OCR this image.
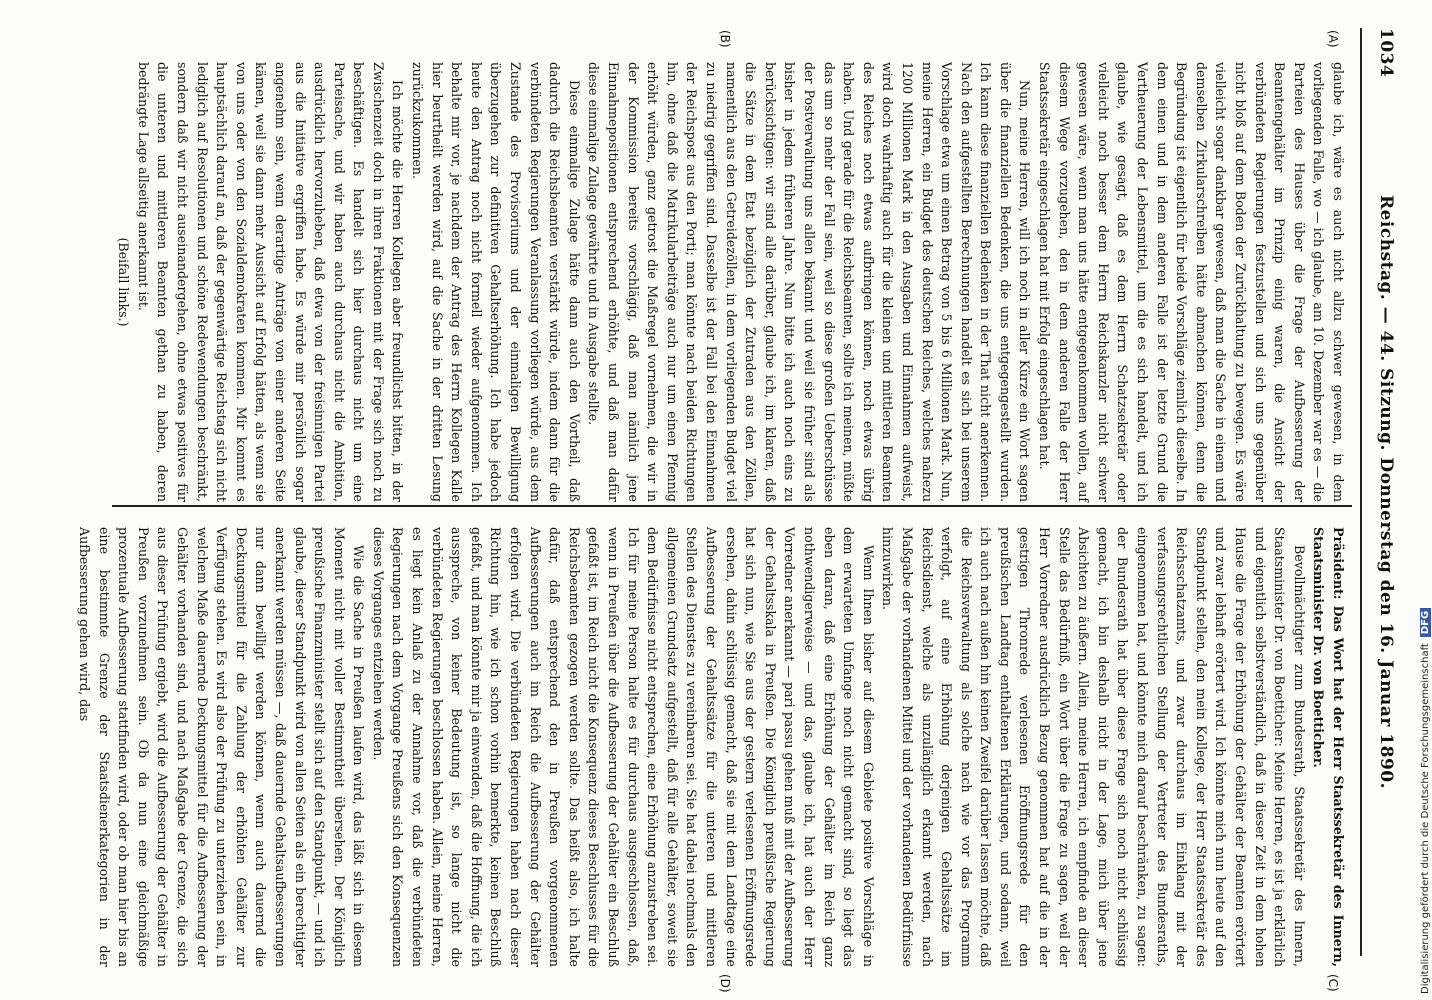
1034
Reichstag. — 44. Sitzung. Donnerstag den 16. Januar 1890.
(A)
(B)
(C)
(D)

glaube ich, wäre es auch nicht allzu schwer gewesen, in dem vorliegenden Falle, wo — ich glaube, am 10. Dezember war es — die Parteien des Hauses über die Frage der Aufbesserung der Beamtengehälter im Prinzip einig waren, die Ansicht der verbündeten Regierungen festzustellen und sich uns gegenüber nicht bloß auf dem Boden der Zurückhaltung zu bewegen. Es wäre vielleicht sogar dankbar gewesen, daß man die Sache in einem und demselben Zirkularschreiben hätte abmachen können, denn die Begründung ist eigentlich für beide Vorschläge ziemlich dieselbe. In dem einen und in dem anderen Falle ist der letzte Grund die Vertheuerung der Lebensmittel, um die es sich handelt, und ich glaube, wie gesagt, daß es dem Herrn Schatzsekretär oder vielleicht noch besser dem Herrn Reichskanzler nicht schwer gewesen wäre, wenn man uns hätte entgegenkommen wollen, auf diesem Wege vorzugehen, den in dem anderen Falle der Herr Staatssekretär eingeschlagen hat mit Erfolg eingeschlagen hat.

Nun, meine Herren, will ich noch in aller Kürze ein Wort sagen über die finanziellen Bedenken, die uns entgegengestellt wurden. Ich kann diese finanziellen Bedenken in der That nicht anerkennen. Nach den aufgestellten Berechnungen handelt es sich bei unserem Vorschlage etwa um einen Betrag von 5 bis 6 Millionen Mark. Nun, meine Herren, ein Budget des deutschen Reiches, welches nahezu 1200 Millionen Mark in den Ausgaben und Einnahmen aufweist, wird doch wahrhaftig auch für die kleinen und mittleren Beamten des Reiches noch etwas aufbringen können, noch etwas übrig haben. Und gerade für die Reichsbeamten, sollte ich meinen, müßte das um so mehr der Fall sein, weil so diese großen Ueberschüsse der Postverwaltung uns allen bekannt und weil sie früher sind als bisher in jedem früheren Jahre. Nun bitte ich auch noch eins zu berücksichtigen: wir sind alle darüber, glaube ich, im klaren, daß die Sätze in dem Etat bezüglich der Zutraden aus den Zöllen, namentlich aus den Getreidezöllen, in dem vorliegenden Budget viel zu niedrig gegriffen sind. Dasselbe ist der Fall bei den Einnahmen der Reichspost aus den Porti; man könnte nach beiden Richtungen hin, ohne daß die Matrikularbeiträge auch nur um einen Pfennig erhöht würden, ganz getrost die Maßregel vornehmen, die wir in der Kommission bereits vorschlägig, daß man nämlich jene Einnahmepositionen entsprechend erhöhte, und daß man dafür diese einmalige Zulage gewährte und in Ausgabe stellte.

Diese einmalige Zulage hätte dann auch den Vortheil, daß dadurch die Reichsbeamten verstärkt würde, indem dann für die verbündeten Regierungen Veranlassung vorliegen würde, aus dem Zustande des Provisoriums und der einmaligen Bewilligung überzugehen zur definitiven Gehaltserhöhung. Ich habe jedoch heute den Antrag noch nicht formell wieder aufgenommen. Ich behalte mir vor, je nachdem der Antrag des Herrn Kollegen Kalle hier beurtheilt werden wird, auf die Sache in der dritten Lesung zurückzukommen.

Ich möchte die Herren Kollegen aber freundlichst bitten, in der Zwischenzeit doch in ihren Fraktionen mit der Frage sich noch zu beschäftigen. Es handelt sich hier durchaus nicht um eine Parteisache, und wir haben auch durchaus nicht die Ambition, ausdrücklich hervorzuheben, daß etwa von der freisinnigen Partei aus die Initiative ergriffen habe. Es würde mir persönlich sogar angenehm sein, wenn derartige Anträge von einer anderen Seite kämen, weil sie dann mehr Aussicht auf Erfolg hätten, als wenn sie von uns oder von den Sozialdemokraten kommen. Mir kommt es hauptsächlich darauf an, daß der gegenwärtige Reichstag sich nicht lediglich auf Resolutionen und schöne Redewendungen beschränkt, sondern daß wir nicht auseinandergehen, ohne etwas positives für die unteren und mittleren Beamten gethan zu haben, deren bedrängte Lage allseitig anerkannt ist.

(Beifall links.)

Präsident: Das Wort hat der Herr Staatssekretär des Innern, Staatsminister Dr. von Boetticher.

Bevollmächtigter zum Bundesrath, Staatssekretär des Innern, Staatsminister Dr. von Boetticher: Meine Herren, es ist ja erklärlich und eigentlich selbstverständlich, daß in dieser Zeit in dem hohen Hause die Frage der Erhöhung der Gehälter der Beamten erörtert und zwar lebhaft erörtert wird. Ich könnte mich nun heute auf den Standpunkt stellen, den mein Kollege, der Herr Staatssekretär des Reichsschatzamts, und zwar durchaus im Einklang mit der verfassungsrechtlichen Stellung der Vertreter des Bundesraths, eingenommen hat, und könnte mich darauf beschränken, zu sagen: der Bundesrath hat über diese Frage sich noch nicht schlüssig gemacht, ich bin deshalb nicht in der Lage, mich über jene Absichten zu äußern. Allein, meine Herren, ich empfinde an dieser Stelle das Bedürfniß, ein Wort über die Frage zu sagen, weil der Herr Vorredner ausdrücklich Bezug genommen hat auf die in der gestrigen Thronrede verlesenen Eröffnungsrede für den preußischen Landtag enthaltenen Erklärungen, und sodann, weil ich auch nach außen hin keinen Zweifel darüber lassen möchte, daß die Reichsverwaltung als solche nach wie vor das Programm verfolgt, auf eine Erhöhung derjenigen Gehaltssätze im Reichsdienst, welche als unzulänglich erkannt werden, nach Maßgabe der vorhandenen Mittel und der vorhandenen Bedürfnisse hinzuwirken.

Wenn Ihnen bisher auf diesem Gebiete positive Vorschläge in dem erwarteten Umfange noch nicht gemacht sind, so liegt das eben daran, daß eine Erhöhung der Gehälter im Reich ganz nothwendigerweise — und das, glaube ich, hat auch der Herr Vorredner anerkannt — pari passu gehen muß mit der Aufbesserung der Gehaltsskala in Preußen. Die Königlich preußische Regierung hat sich nun, wie Sie aus der gestern verlesenen Eröffnungsrede ersehen, dahin schlüssig gemacht, daß sie mit dem Landtage eine Aufbesserung der Gehaltssätze für die unteren und mittleren Stellen des Dienstes zu vereinbaren sei. Sie hat dabei nochmals den allgemeinen Grundsatz aufgestellt, daß für alle Gehälter, soweit sie dem Bedürfnisse nicht entsprechen, eine Erhöhung anzustreben sei. Ich für meine Person halte es für durchaus ausgeschlossen, daß, wenn in Preußen über die Aufbesserung der Gehälter ein Beschluß gefaßt ist, im Reich nicht die Konsequenz dieses Beschlusses für die Reichsbeamten gezogen werden sollte. Das heißt also, ich halte dafür, daß entsprechend den in Preußen vorgenommenen Aufbesserungen auch im Reich die Aufbesserung der Gehälter erfolgen wird. Die verbündeten Regierungen haben nach dieser Richtung hin, wie ich schon vorhin bemerkte, keinen Beschluß gefaßt, und man könnte mir ja einwenden, daß die Hoffnung, die ich ausspreche, von keiner Bedeutung ist, so lange nicht die verbündeten Regierungen beschlossen haben. Allein, meine Herren, es liegt kein Anlaß zu der Annahme vor, daß die verbündeten Regierungen nach dem Vorgange Preußens sich den Konsequenzen dieses Vorganges entziehen werden.

Wie die Sache in Preußen laufen wird, das läßt sich in diesem Moment nicht mit voller Bestimmtheit übersehen. Der Königlich preußische Finanzminister stellt sich auf den Standpunkt, — und ich glaube, dieser Standpunkt wird von allen Seiten als ein berechtigter anerkannt werden müssen —, daß dauernde Gehaltsaufbesserungen nur dann bewilligt werden können, wenn auch dauernd die Deckungsmittel für die Zahlung der erhöhten Gehälter zur Verfügung stehen. Es wird also der Prüfung zu unterziehen sein, in welchem Maße dauernde Deckungsmittel für die Aufbesserung der Gehälter vorhanden sind, und nach Maßgabe der Grenze, die sich aus dieser Prüfung ergiebt, wird die Aufbesserung der Gehälter in Preußen vorzunehmen sein. Ob da nun eine gleichmäßige prozentuale Aufbesserung stattfinden wird, oder ob man hier bis an eine bestimmte Grenze der Staatsdienerkategorien in der Aufbesserung gehen wird, das

Digitalisierung gefördert durch die Deutsche ForschungsgemeinschaftDFG
